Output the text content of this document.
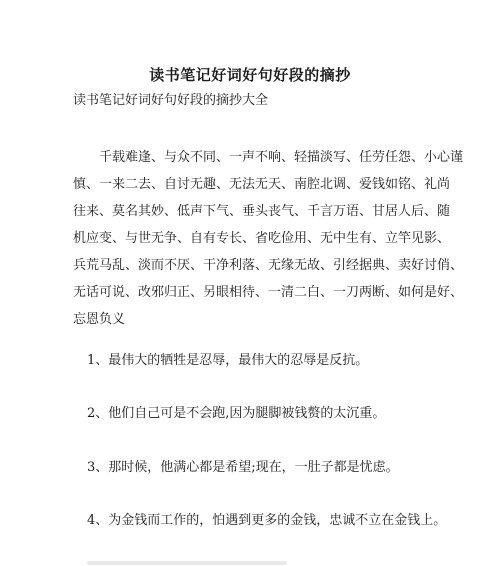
读书笔记好词好句好段的摘抄
读书笔记好词好句好段的摘抄大全
千载难逢、与众不同、一声不响、轻描淡写、任劳任怨、小心谨
慎、一来二去、自讨无趣、无法无天、南腔北调、爱钱如铭、礼尚
往来、莫名其妙、低声下气、垂头丧气、千言万语、甘居人后、随
机应变、与世无争、自有专长、省吃俭用、无中生有、立竿见影、
兵荒马乱、淡而不厌、干净利落、无缘无故、引经据典、卖好讨俏、
无话可说、改邪归正、另眼相待、一清二白、一刀两断、如何是好、
忘恩负义
1、最伟大的牺牲是忍辱，最伟大的忍辱是反抗。
2、他们自己可是不会跑,因为腿脚被钱赘的太沉重。
3、那时候，他满心都是希望;现在，一肚子都是忧虑。
4、为金钱而工作的，怕遇到更多的金钱，忠诚不立在金钱上。
